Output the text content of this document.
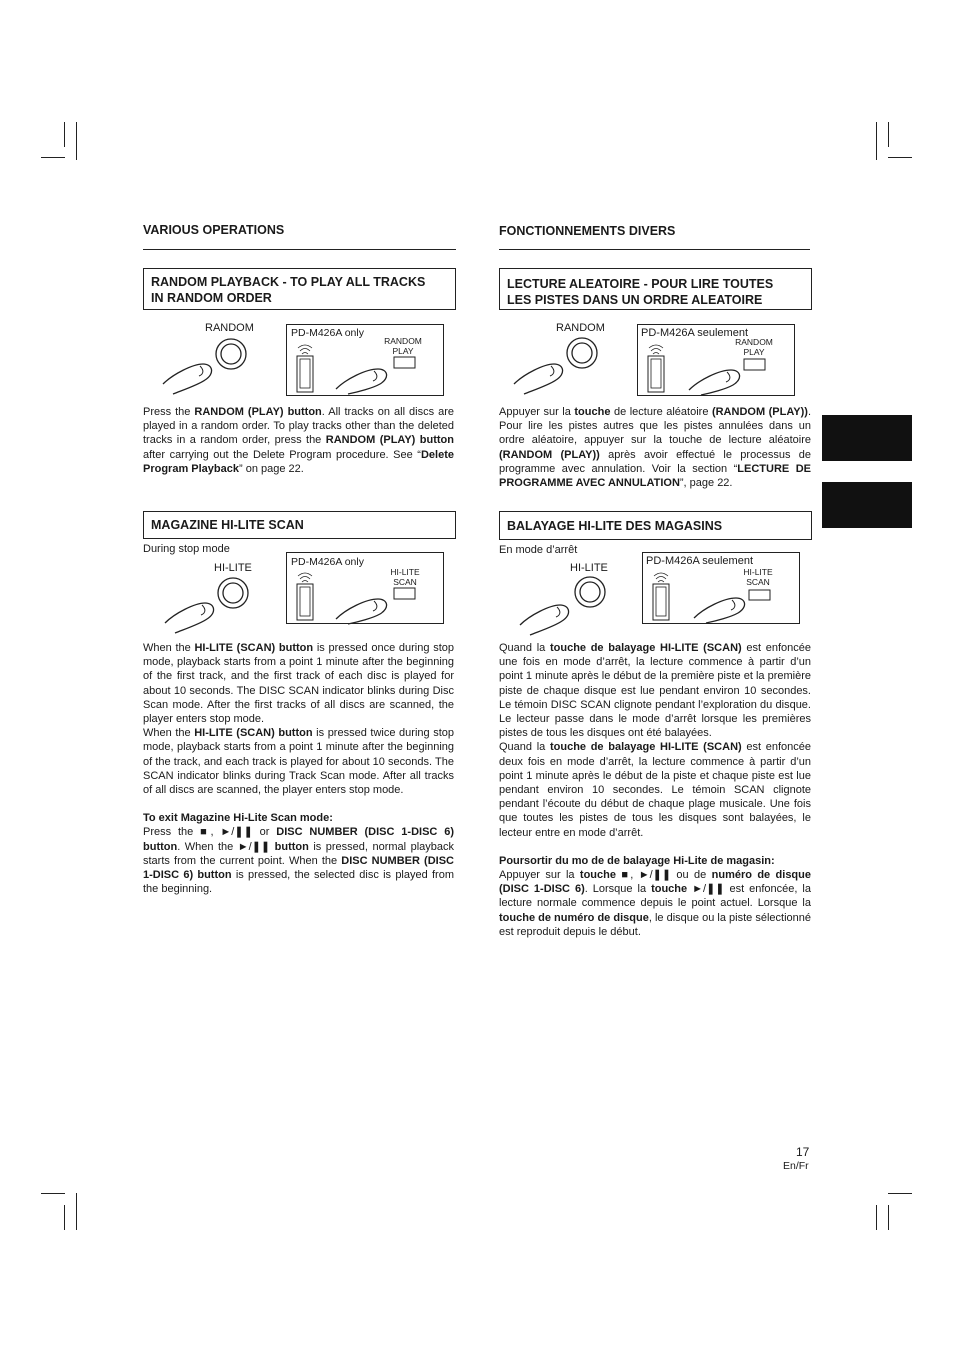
VARIOUS OPERATIONS
RANDOM PLAYBACK - TO PLAY ALL TRACKS
IN RANDOM ORDER
RANDOM	PD-M426A only
RANDOM
PLAY
Press the RANDOM (PLAY) button. All tracks on all discs are played in a random order. To play tracks other than the deleted tracks in a random order, press the RANDOM (PLAY) button after carrying out the Delete Program procedure. See “Delete Program Playback” on page 22.
MAGAZINE HI-LITE SCAN
During stop mode
HI-LITE	PD-M426A only
HI-LITE
SCAN
When the HI-LITE (SCAN) button is pressed once during stop mode, playback starts from a point 1 minute after the beginning of the first track, and the first track of each disc is played for about 10 seconds. The DISC SCAN indicator blinks during Disc Scan mode. After the first tracks of all discs are scanned, the player enters stop mode.
When the HI-LITE (SCAN) button is pressed twice during stop mode, playback starts from a point 1 minute after the beginning of the track, and each track is played for about 10 seconds. The SCAN indicator blinks during Track Scan mode. After all tracks of all discs are scanned, the player enters stop mode.
To exit Magazine Hi-Lite Scan mode:
Press the ■, ►/❚❚ or DISC NUMBER (DISC 1-DISC 6) button. When the ►/❚❚ button is pressed, normal playback starts from the current point. When the DISC NUMBER (DISC 1-DISC 6) button is pressed, the selected disc is played from the beginning.
FONCTIONNEMENTS DIVERS
LECTURE ALEATOIRE - POUR LIRE TOUTES
LES PISTES DANS UN ORDRE ALEATOIRE
RANDOM	PD-M426A seulement
RANDOM
PLAY
Appuyer sur la touche de lecture aléatoire (RANDOM (PLAY)). Pour lire les pistes autres que les pistes annulées dans un ordre aléatoire, appuyer sur la touche de lecture aléatoire (RANDOM (PLAY)) après avoir effectué le processus de programme avec annulation. Voir la section “LECTURE DE PROGRAMME AVEC ANNULATION”, page 22.
BALAYAGE HI-LITE DES MAGASINS
En mode d’arrêt
HI-LITE
PD-M426A seulement
HI-LITE
SCAN
Quand la touche de balayage HI-LITE (SCAN) est enfoncée une fois en mode d’arrêt, la lecture commence à partir d’un point 1 minute après le début de la première piste et la première piste de chaque disque est lue pendant environ 10 secondes. Le témoin DISC SCAN clignote pendant l’exploration du disque. Le lecteur passe dans le mode d’arrêt lorsque les premières pistes de tous les disques ont été balayées.
Quand la touche de balayage HI-LITE (SCAN) est enfoncée deux fois en mode d’arrêt, la lecture commence à partir d’un point 1 minute après le début de la piste et chaque piste est lue pendant environ 10 secondes. Le témoin SCAN clignote pendant l’écoute du début de chaque plage musicale. Une fois que toutes les pistes de tous les disques sont balayées, le lecteur entre en mode d’arrêt.
Poursortir du mo de de balayage Hi-Lite de magasin:
Appuyer sur la touche ■, ►/❚❚ ou de numéro de disque (DISC 1-DISC 6). Lorsque la touche ►/❚❚ est enfoncée, la lecture normale commence depuis le point actuel. Lorsque la touche de numéro de disque, le disque ou la piste sélectionné est reproduit depuis le début.
17
En/Fr
